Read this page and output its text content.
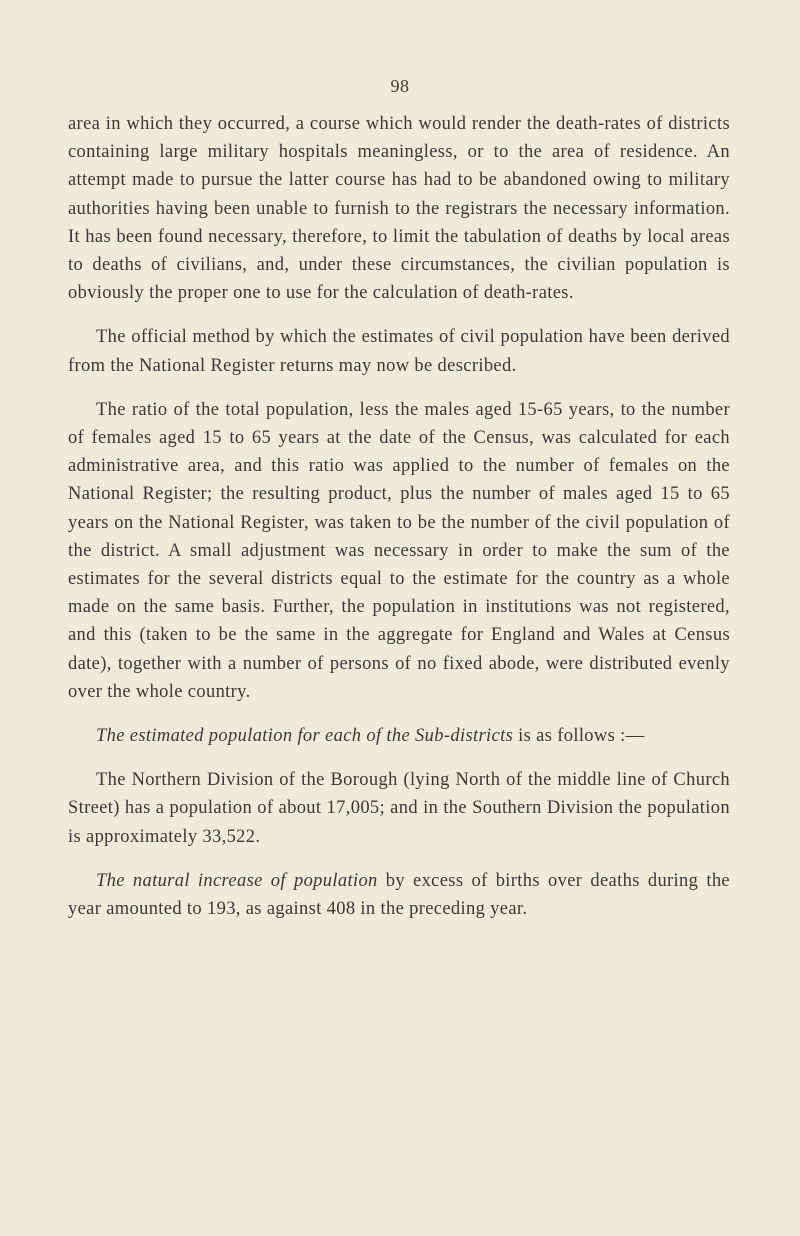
98

area in which they occurred, a course which would render the death-rates of districts containing large military hospitals meaningless, or to the area of residence. An attempt made to pursue the latter course has had to be abandoned owing to military authorities having been unable to furnish to the registrars the necessary information. It has been found necessary, therefore, to limit the tabulation of deaths by local areas to deaths of civilians, and, under these circumstances, the civilian population is obviously the proper one to use for the calculation of death-rates.

The official method by which the estimates of civil population have been derived from the National Register returns may now be described.

The ratio of the total population, less the males aged 15-65 years, to the number of females aged 15 to 65 years at the date of the Census, was calculated for each administrative area, and this ratio was applied to the number of females on the National Register; the resulting product, plus the number of males aged 15 to 65 years on the National Register, was taken to be the number of the civil population of the district. A small adjustment was necessary in order to make the sum of the estimates for the several districts equal to the estimate for the country as a whole made on the same basis. Further, the population in institutions was not registered, and this (taken to be the same in the aggregate for England and Wales at Census date), together with a number of persons of no fixed abode, were distributed evenly over the whole country.

The estimated population for each of the Sub-districts is as follows :—

The Northern Division of the Borough (lying North of the middle line of Church Street) has a population of about 17,005; and in the Southern Division the population is approximately 33,522.

The natural increase of population by excess of births over deaths during the year amounted to 193, as against 408 in the preceding year.
